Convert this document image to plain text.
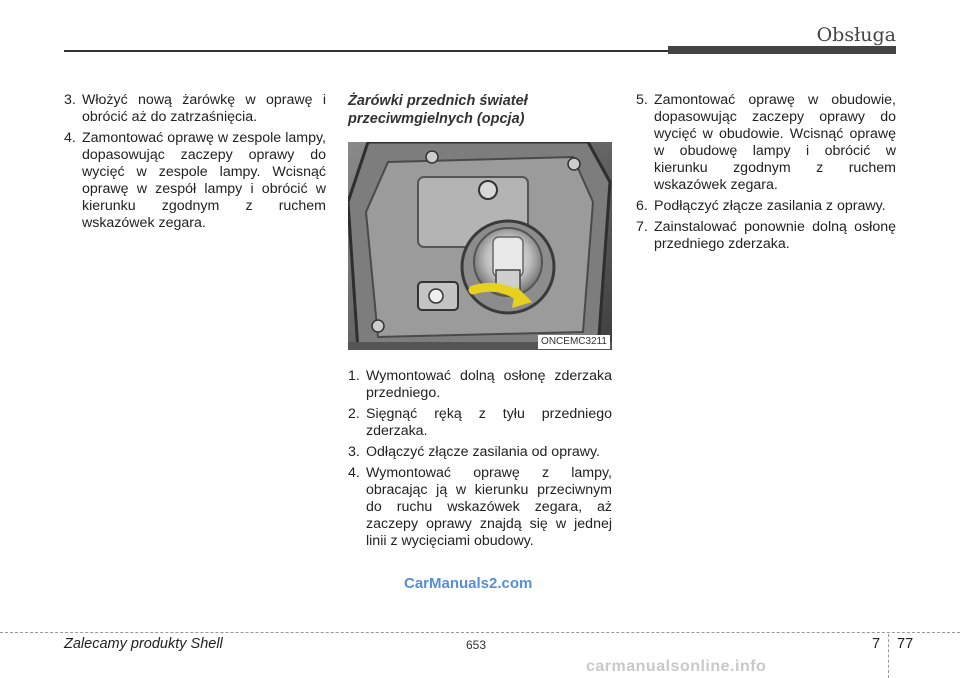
Obsługa
3. Włożyć nową żarówkę w oprawę i obrócić aż do zatrzaśnięcia.
4. Zamontować oprawę w zespole lampy, dopasowując zaczepy oprawy do wycięć w zespole lampy. Wcisnąć oprawę w zespół lampy i obrócić w kierunku zgodnym z ruchem wskazówek zegara.
Żarówki przednich świateł przeciwmgielnych (opcja)
ONCEMC3211
1. Wymontować dolną osłonę zderzaka przedniego.
2. Sięgnąć ręką z tyłu przedniego zderzaka.
3. Odłączyć złącze zasilania od oprawy.
4. Wymontować oprawę z lampy, obracając ją w kierunku przeciwnym do ruchu wskazówek zegara, aż zaczepy oprawy znajdą się w jednej linii z wycięciami obudowy.
5. Zamontować oprawę w obudowie, dopasowując zaczepy oprawy do wycięć w obudowie. Wcisnąć oprawę w obudowę lampy i obrócić w kierunku zgodnym z ruchem wskazówek zegara.
6. Podłączyć złącze zasilania z oprawy.
7. Zainstalować ponownie dolną osłonę przedniego zderzaka.
CarManuals2.com
Zalecamy produkty Shell	653	7 77
carmanualsonline.info
